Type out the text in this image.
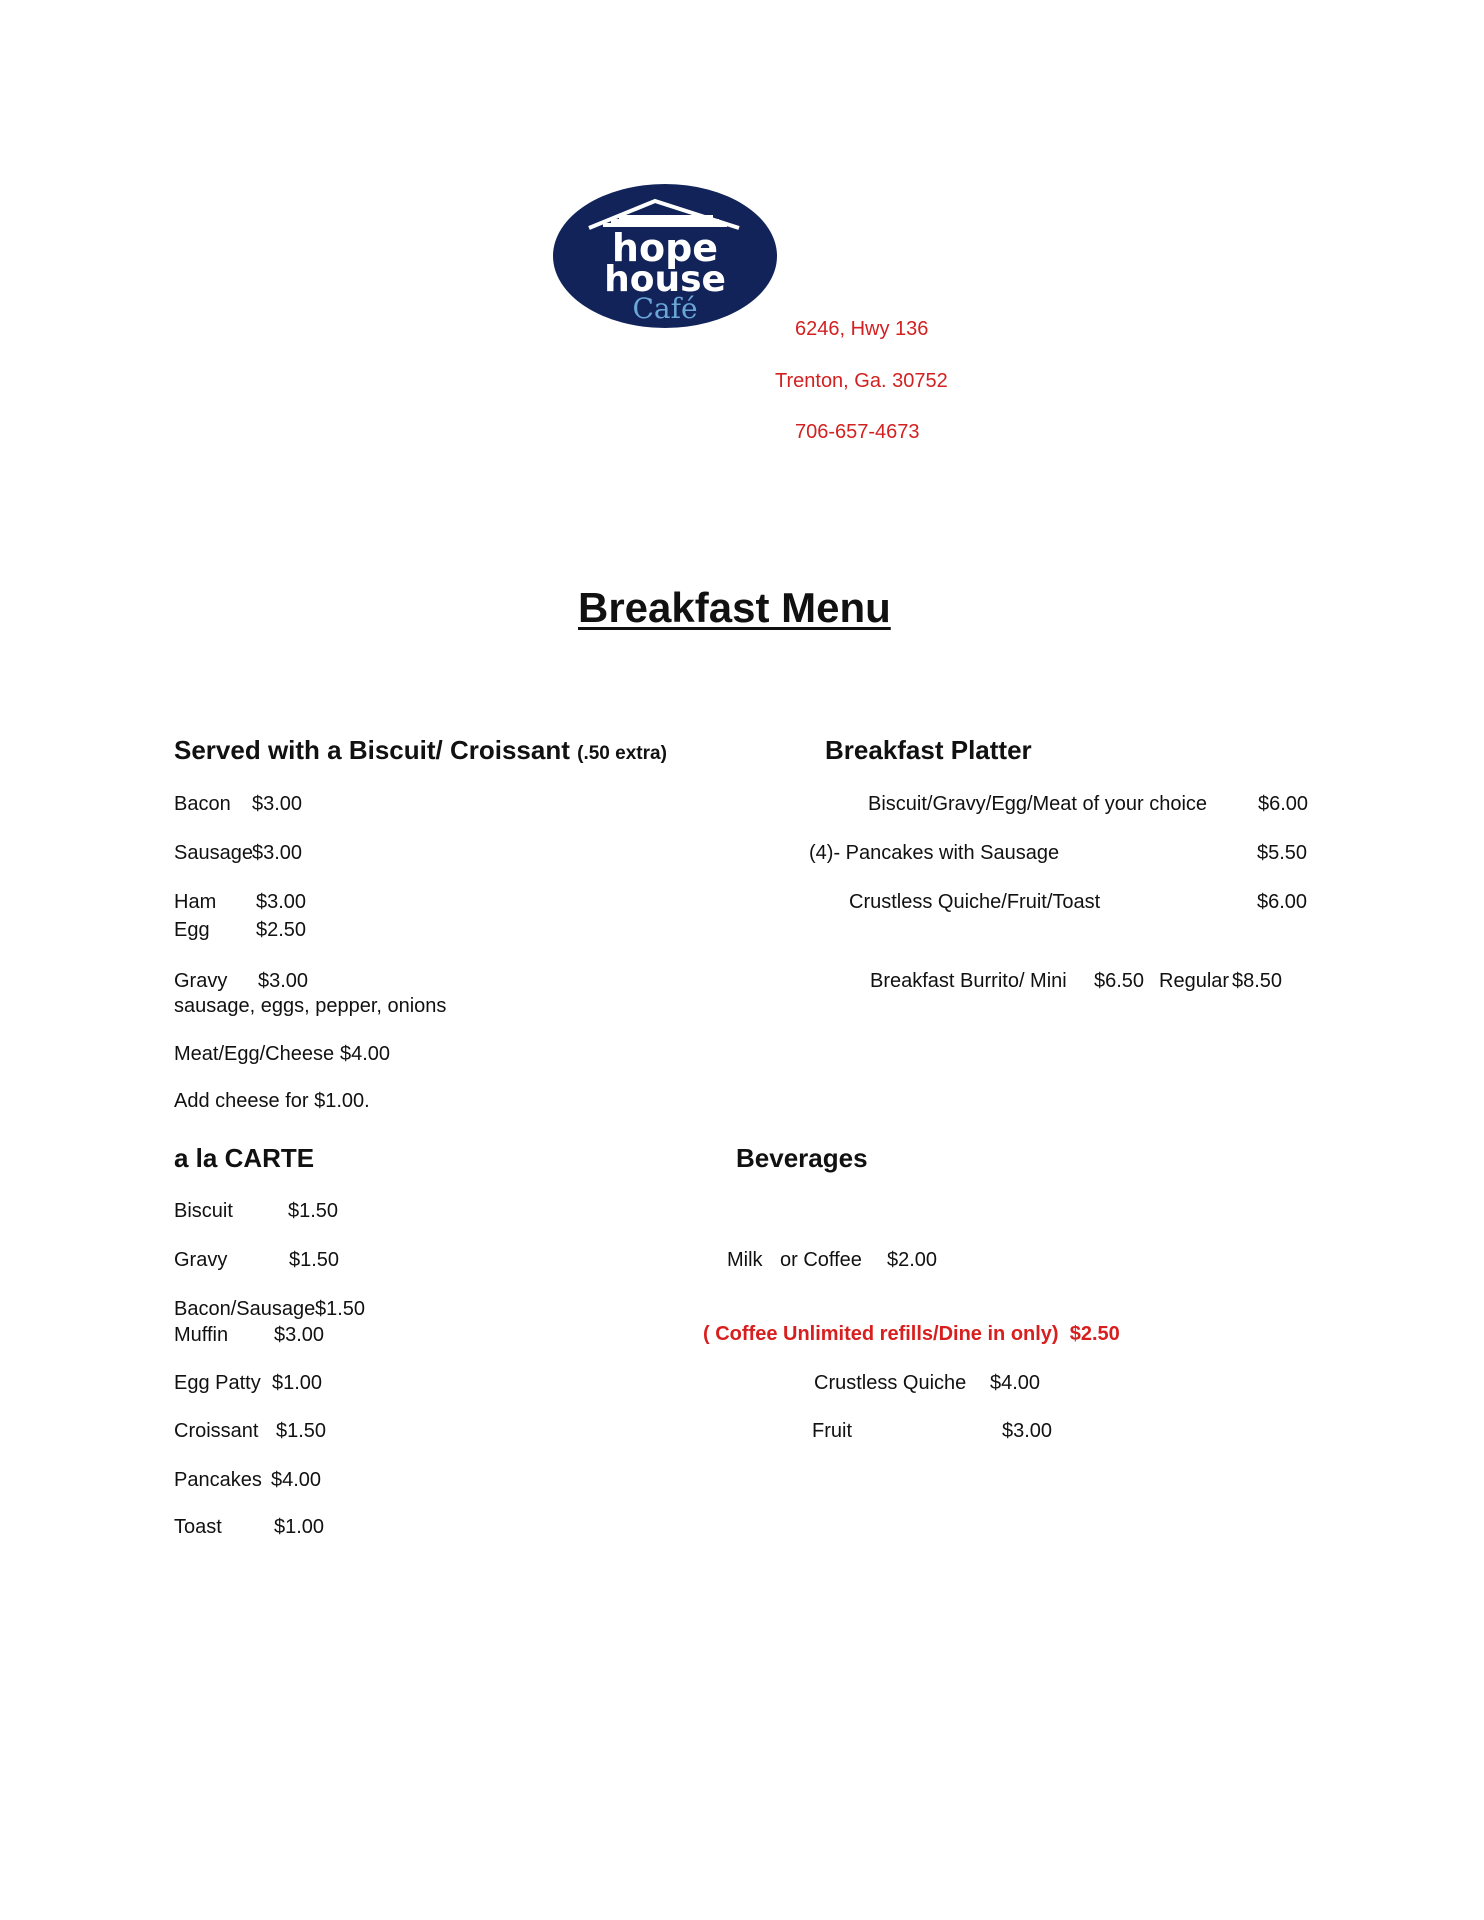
hope
house
Café
6246, Hwy 136
Trenton, Ga. 30752
706-657-4673
Breakfast Menu
Served with a Biscuit/ Croissant (.50 extra)
Bacon $3.00
Sausage $3.00
Ham $3.00
Egg $2.50
Gravy $3.00
sausage, eggs, pepper, onions
Meat/Egg/Cheese $4.00
Add cheese for $1.00.
Breakfast Platter
Biscuit/Gravy/Egg/Meat of your choice	$6.00
(4)- Pancakes with Sausage	$5.50
Crustless Quiche/Fruit/Toast	$6.00
Breakfast Burrito/ Mini $6.50 Regular $8.50
a la CARTE
Biscuit	$1.50
Gravy	$1.50
Bacon/Sausage $1.50
Muffin $3.00
Egg Patty $1.00
Croissant $1.50
Pancakes $4.00
Toast	$1.00
Beverages
Milk or Coffee $2.00
( Coffee Unlimited refills/Dine in only) $2.50
Crustless Quiche $4.00
Fruit	$3.00
